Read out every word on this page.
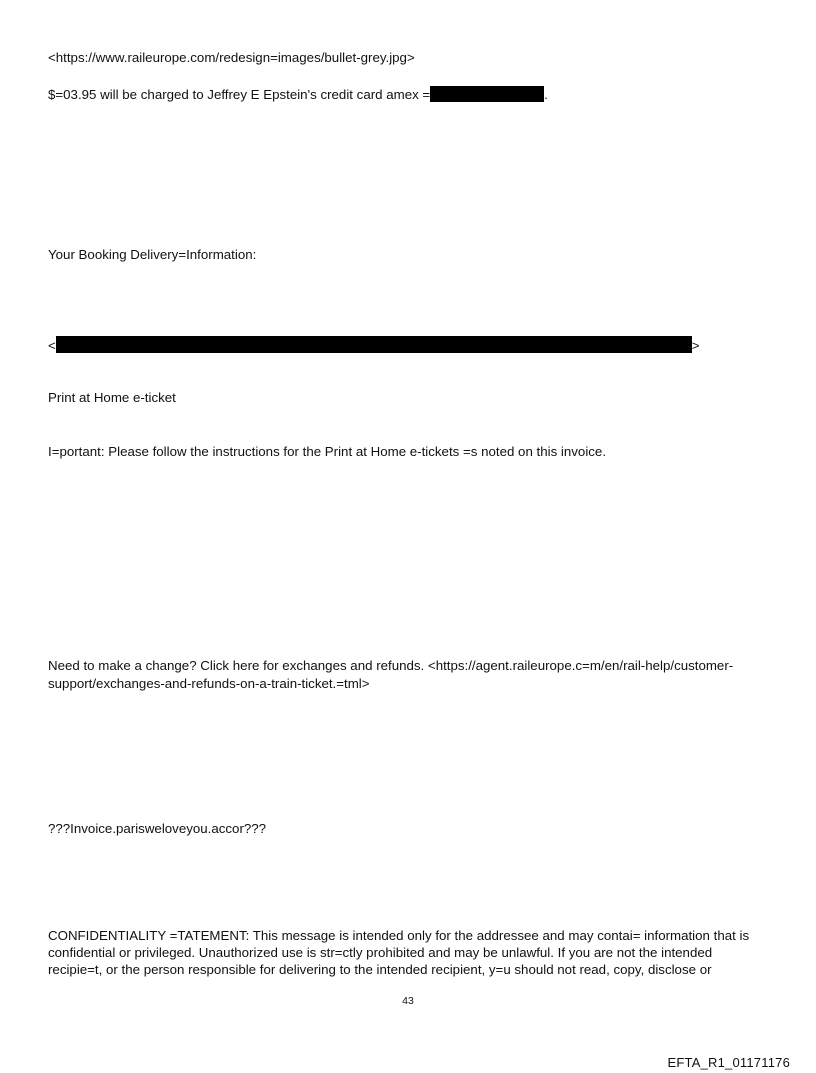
<https://www.raileurope.com/redesign=images/bullet-grey.jpg>
$=03.95 will be charged to Jeffrey E Epstein's credit card amex =	.
Your Booking Delivery=Information:
<	>
Print at Home e-ticket
I=portant: Please follow the instructions for the Print at Home e-tickets =s noted on this invoice.
Need to make a change? Click here for exchanges and refunds. <https://agent.raileurope.c=m/en/rail-help/customer-
support/exchanges-and-refunds-on-a-train-ticket.=tml>
???Invoice.parisweloveyou.accor???
CONFIDENTIALITY =TATEMENT: This message is intended only for the addressee and may contai= information that is confidential or privileged. Unauthorized use is str=ctly prohibited and may be unlawful. If you are not the intended recipie=t, or the person responsible for delivering to the intended recipient, y=u should not read, copy, disclose or
43
EFTA_R1_01171176
